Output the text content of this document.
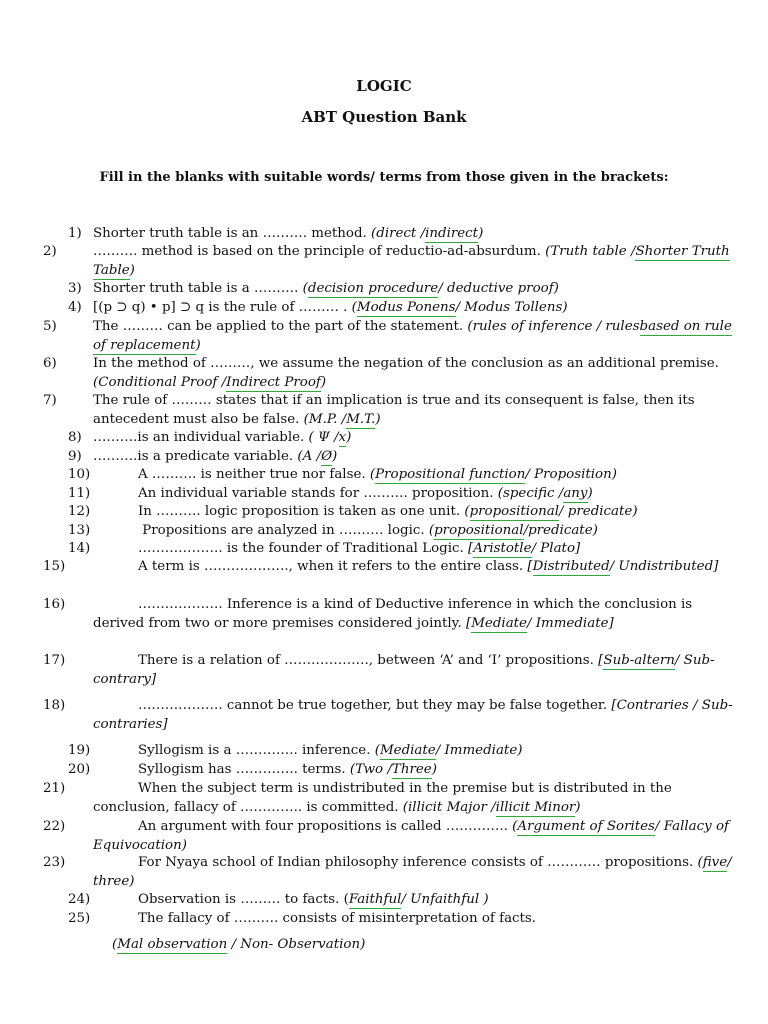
LOGIC

ABT Question Bank

Fill in the blanks with suitable words/ terms from those given in the brackets:

1) Shorter truth table is an ………. method. (direct /indirect)
2)	………. method is based on the principle of reductio-ad-absurdum. (Truth table /Shorter Truth Table)
3) Shorter truth table is a ………. (decision procedure/ deductive proof)
4) [(p ⊃ q) • p] ⊃ q is the rule of ……… . (Modus Ponens/ Modus Tollens)
5)	The ……… can be applied to the part of the statement. (rules of inference / rulesbased on rule of replacement)
6)	In the method of ………, we assume the negation of the conclusion as an additional premise. (Conditional Proof /Indirect Proof)
7)	The rule of ……… states that if an implication is true and its consequent is false, then its antecedent must also be false. (M.P. /M.T.)
8) ……….is an individual variable. ( Ψ /x)
9) ……….is a predicate variable. (A /Ø)
10)	A ………. is neither true nor false. (Propositional function/ Proposition)
11)	An individual variable stands for ………. proposition. (specific /any)
12)	In ………. logic proposition is taken as one unit. (propositional/ predicate)
13)	Propositions are analyzed in ………. logic. (propositional/predicate)
14)	………………. is the founder of Traditional Logic. [Aristotle/ Plato]
15)	A term is ………………., when it refers to the entire class. [Distributed/ Undistributed]
16)	………………. Inference is a kind of Deductive inference in which the conclusion is derived from two or more premises considered jointly. [Mediate/ Immediate]
17)	There is a relation of ………………., between ‘A’ and ‘I’ propositions. [Sub-altern/ Sub-contrary]
18)	………………. cannot be true together, but they may be false together. [Contraries / Sub-contraries]
19)	Syllogism is a ………….. inference. (Mediate/ Immediate)
20)	Syllogism has ………….. terms. (Two /Three)
21)	When the subject term is undistributed in the premise but is distributed in the conclusion, fallacy of ………….. is committed. (illicit Major /illicit Minor)
22)	An argument with four propositions is called ………….. (Argument of Sorites/ Fallacy of Equivocation)
23)	For Nyaya school of Indian philosophy inference consists of ………… propositions. (five/ three)
24)	Observation is ……… to facts. (Faithful/ Unfaithful )
25)	The fallacy of ………. consists of misinterpretation of facts.
(Mal observation / Non- Observation)
